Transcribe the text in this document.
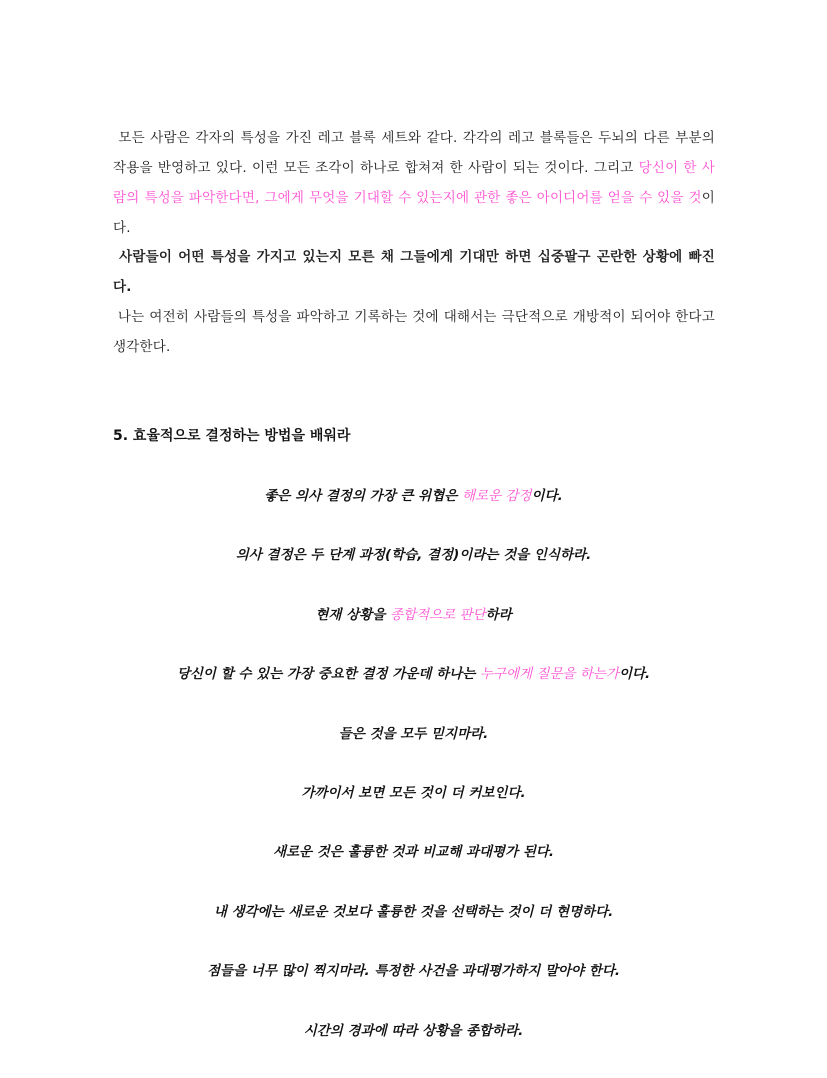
모든 사람은 각자의 특성을 가진 레고 블록 세트와 같다. 각각의 레고 블록들은 두뇌의 다른 부분의 작용을 반영하고 있다. 이런 모든 조각이 하나로 합쳐져 한 사람이 되는 것이다. 그리고 당신이 한 사람의 특성을 파악한다면, 그에게 무엇을 기대할 수 있는지에 관한 좋은 아이디어를 얻을 수 있을 것이다.

사람들이 어떤 특성을 가지고 있는지 모른 채 그들에게 기대만 하면 십중팔구 곤란한 상황에 빠진다.

나는 여전히 사람들의 특성을 파악하고 기록하는 것에 대해서는 극단적으로 개방적이 되어야 한다고 생각한다.

5. 효율적으로 결정하는 방법을 배워라
좋은 의사 결정의 가장 큰 위협은 해로운 감정이다.
의사 결정은 두 단계 과정(학습, 결정)이라는 것을 인식하라.
현재 상황을 종합적으로 판단하라
당신이 할 수 있는 가장 중요한 결정 가운데 하나는 누구에게 질문을 하는가이다.
들은 것을 모두 믿지마라.
가까이서 보면 모든 것이 더 커보인다.
새로운 것은 훌륭한 것과 비교해 과대평가 된다.
내 생각에는 새로운 것보다 훌륭한 것을 선택하는 것이 더 현명하다.
점들을 너무 많이 찍지마라. 특정한 사건을 과대평가하지 말아야 한다.
시간의 경과에 따라 상황을 종합하라.
